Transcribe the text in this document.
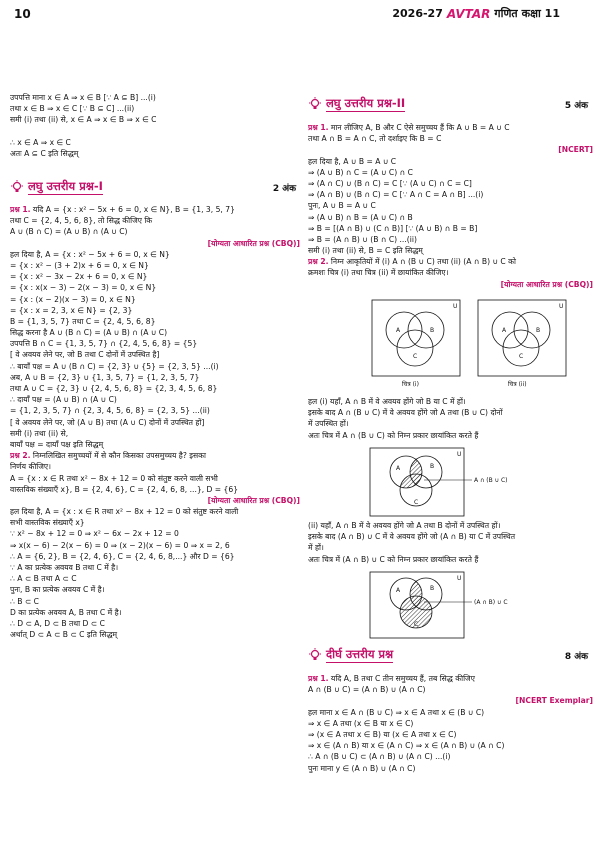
10	2026-27 AVTAR गणित कक्षा 11
उपपत्ति माना x ∈ A ⇒ x ∈ B [∵ A ⊆ B] ...(i)
तथा x ∈ B ⇒ x ∈ C [∵ B ⊆ C] ...(ii)
समी (i) तथा (ii) से, x ∈ A ⇒ x ∈ B ⇒ x ∈ C
∴ x ∈ A ⇒ x ∈ C
अतः A ⊆ C इति सिद्धम्
लघु उत्तरीय प्रश्न-I	2 अंक
प्रश्न 1. यदि A = {x : x² − 5x + 6 = 0, x ∈ N}, B = {1, 3, 5, 7}
तथा C = {2, 4, 5, 6, 8}, तो सिद्ध कीजिए कि
A ∪ (B ∩ C) = (A ∪ B) ∩ (A ∪ C)
[योग्यता आधारित प्रश्न (CBQ)]
हल दिया है, A = {x : x² − 5x + 6 = 0, x ∈ N}
= {x : x² − (3 + 2)x + 6 = 0, x ∈ N}
= {x : x² − 3x − 2x + 6 = 0, x ∈ N}
= {x : x(x − 3) − 2(x − 3) = 0, x ∈ N}
= {x : (x − 2)(x − 3) = 0, x ∈ N}
= {x : x = 2, 3, x ∈ N} = {2, 3}
B = {1, 3, 5, 7} तथा C = {2, 4, 5, 6, 8}
सिद्ध करना है A ∪ (B ∩ C) = (A ∪ B) ∩ (A ∪ C)
उपपत्ति B ∩ C = {1, 3, 5, 7} ∩ {2, 4, 5, 6, 8} = {5}
[ वे अवयव लेने पर, जो B तथा C दोनों में उपस्थित है]
∴ बायाँ पक्ष = A ∪ (B ∩ C) = {2, 3} ∪ {5} = {2, 3, 5} ...(i)
अब, A ∪ B = {2, 3} ∪ {1, 3, 5, 7} = {1, 2, 3, 5, 7}
तथा A ∪ C = {2, 3} ∪ {2, 4, 5, 6, 8} = {2, 3, 4, 5, 6, 8}
∴ दायाँ पक्ष = (A ∪ B) ∩ (A ∪ C)
= {1, 2, 3, 5, 7} ∩ {2, 3, 4, 5, 6, 8} = {2, 3, 5} ...(ii)
[ वे अवयव लेने पर, जो (A ∪ B) तथा (A ∪ C) दोनों में उपस्थित हों]
समी (i) तथा (ii) से,
बायाँ पक्ष = दायाँ पक्ष इति सिद्धम्
प्रश्न 2. निम्नलिखित समुच्चयों में से कौन किसका उपसमुच्चय है? इसका
निर्णय कीजिए।
A = {x : x ∈ R तथा x² − 8x + 12 = 0 को संतुष्ट करने वाली सभी
वास्तविक संख्याएँ x}, B = {2, 4, 6}, C = {2, 4, 6, 8, ...}, D = {6}
[योग्यता आधारित प्रश्न (CBQ)]
हल दिया है, A = {x : x ∈ R तथा x² − 8x + 12 = 0 को संतुष्ट करने वाली
सभी वास्तविक संख्याएँ x}
∵ x² − 8x + 12 = 0 ⇒ x² − 6x − 2x + 12 = 0
⇒ x(x − 6) − 2(x − 6) = 0 ⇒ (x − 2)(x − 6) = 0 ⇒ x = 2, 6
∴ A = {6, 2}, B = {2, 4, 6}, C = {2, 4, 6, 8,...} और D = {6}
∵ A का प्रत्येक अवयव B तथा C में है।
∴ A ⊂ B तथा A ⊂ C
पुनः, B का प्रत्येक अवयव C में है।
∴ B ⊂ C
D का प्रत्येक अवयव A, B तथा C में है।
∴ D ⊂ A, D ⊂ B तथा D ⊂ C
अर्थात् D ⊂ A ⊂ B ⊂ C इति सिद्धम्
लघु उत्तरीय प्रश्न-II	5 अंक
प्रश्न 1. मान लीजिए A, B और C ऐसे समुच्चय हैं कि A ∪ B = A ∪ C
तथा A ∩ B = A ∩ C, तो दर्शाइए कि B = C
[NCERT]
हल दिया है, A ∪ B = A ∪ C
⇒ (A ∪ B) ∩ C = (A ∪ C) ∩ C
⇒ (A ∩ C) ∪ (B ∩ C) = C [∵ (A ∪ C) ∩ C = C]
⇒ (A ∩ B) ∪ (B ∩ C) = C [∵ A ∩ C = A ∩ B] ...(i)
पुनः, A ∪ B = A ∪ C
⇒ (A ∪ B) ∩ B = (A ∪ C) ∩ B
⇒ B = [(A ∩ B) ∪ (C ∩ B)] [∵ (A ∪ B) ∩ B = B]
⇒ B = (A ∩ B) ∪ (B ∩ C) ...(ii)
समी (i) तथा (ii) से, B = C इति सिद्धम्
प्रश्न 2. निम्न आकृतियों में (i) A ∩ (B ∪ C) तथा (ii) (A ∩ B) ∪ C को
क्रमशः चित्र (i) तथा चित्र (ii) में छायांकित कीजिए।
[योग्यता आधारित प्रश्न (CBQ)]
U
A	B
C
चित्र (i)
U
A	B
C
चित्र (ii)
हल (i) यहाँ, A ∩ B में वे अवयव होंगे जो B या C में हों।
इसके बाद A ∩ (B ∪ C) में वे अवयव होंगे जो A तथा (B ∪ C) दोनों
में उपस्थित हों।
अतः चित्र में A ∩ (B ∪ C) को निम्न प्रकार छायांकित करते हैं
U
A	B
C
A ∩ (B ∪ C)
(ii) यहाँ, A ∩ B में वे अवयव होंगे जो A तथा B दोनों में उपस्थित हों।
इसके बाद (A ∩ B) ∪ C में वे अवयव होंगे जो (A ∩ B) या C में उपस्थित
में हों।
अतः चित्र में (A ∩ B) ∪ C को निम्न प्रकार छायांकित करते हैं
U
A	B
C
(A ∩ B) ∪ C
दीर्घ उत्तरीय प्रश्न	8 अंक
प्रश्न 1. यदि A, B तथा C तीन समुच्चय हैं, तब सिद्ध कीजिए
A ∩ (B ∪ C) = (A ∩ B) ∪ (A ∩ C)
[NCERT Exemplar]
हल माना x ∈ A ∩ (B ∪ C) ⇒ x ∈ A तथा x ∈ (B ∪ C)
⇒ x ∈ A तथा (x ∈ B या x ∈ C)
⇒ (x ∈ A तथा x ∈ B) या (x ∈ A तथा x ∈ C)
⇒ x ∈ (A ∩ B) या x ∈ (A ∩ C) ⇒ x ∈ (A ∩ B) ∪ (A ∩ C)
∴ A ∩ (B ∪ C) ⊂ (A ∩ B) ∪ (A ∩ C) ...(i)
पुनः माना y ∈ (A ∩ B) ∪ (A ∩ C)
